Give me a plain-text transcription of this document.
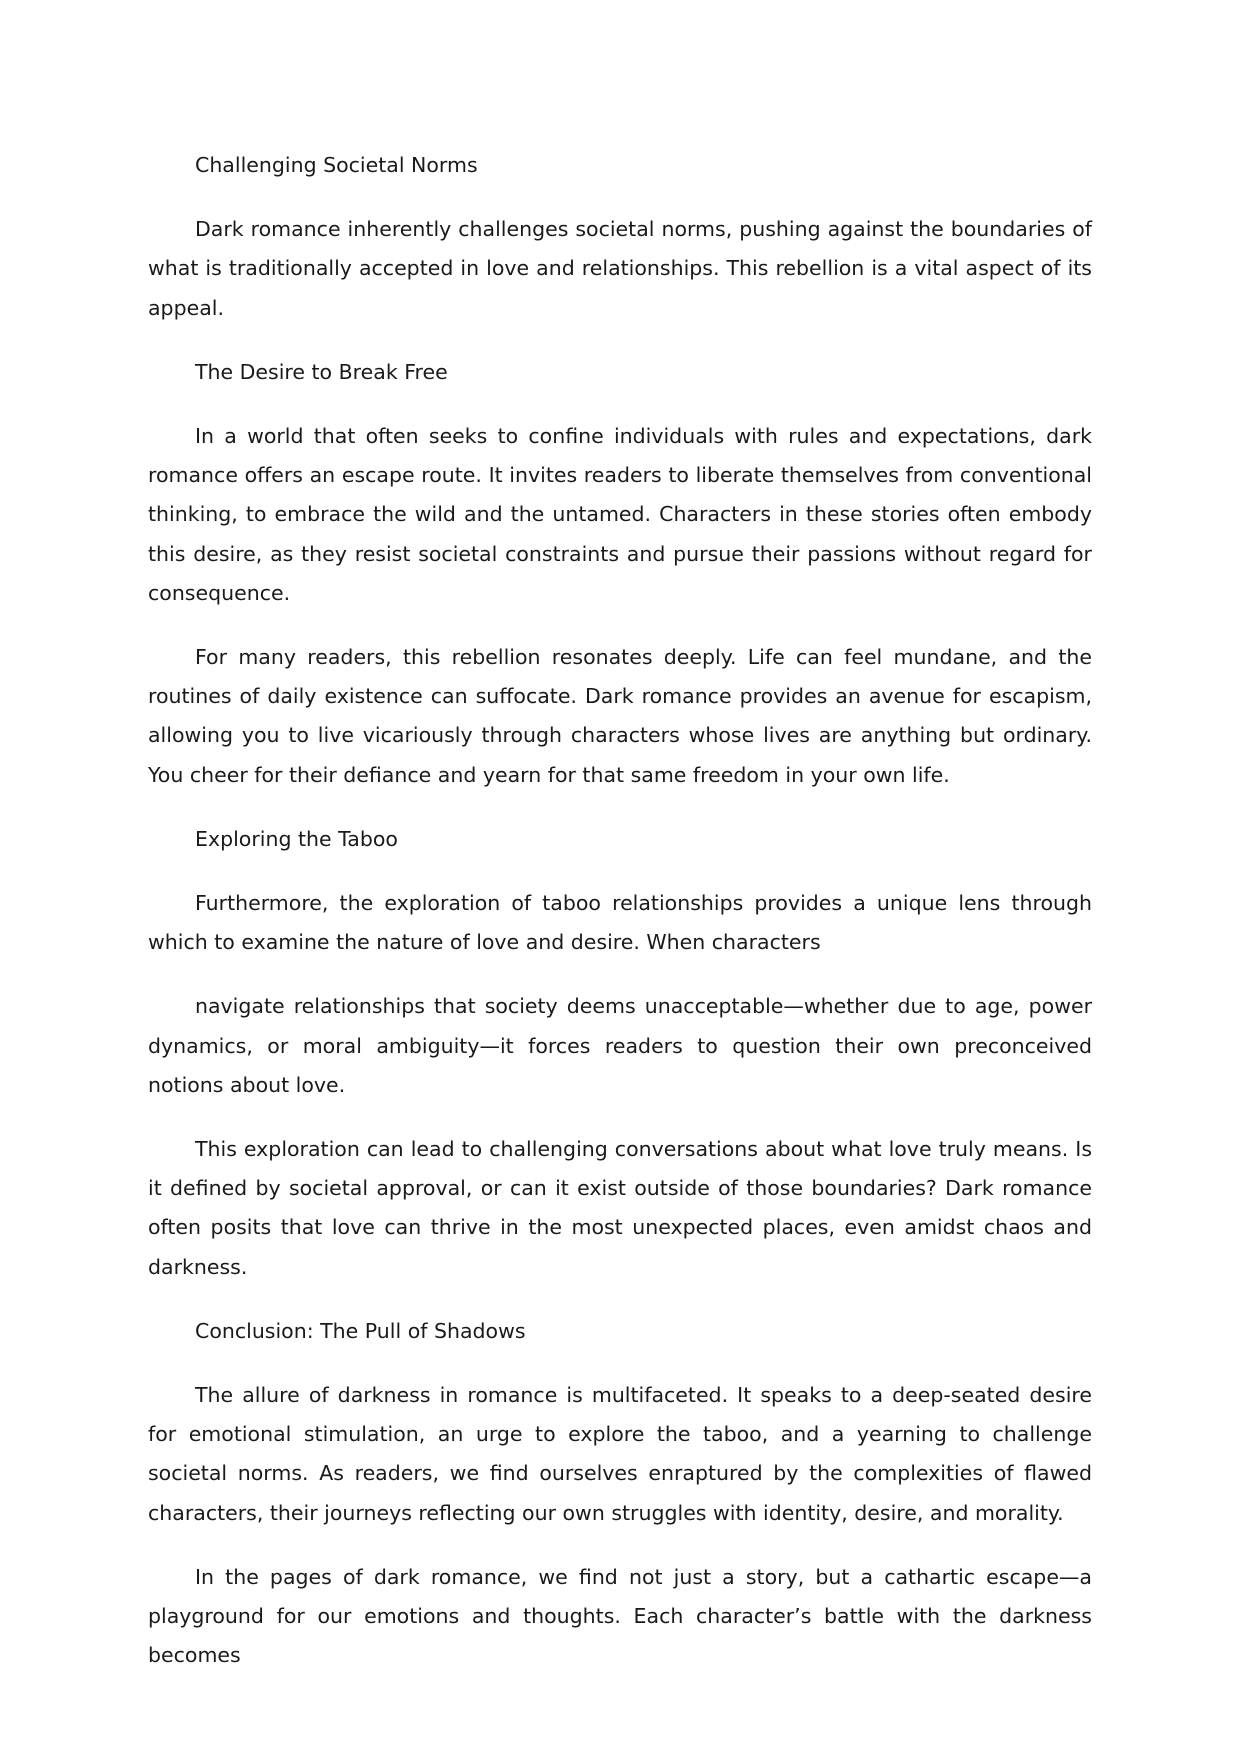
Challenging Societal Norms

Dark romance inherently challenges societal norms, pushing against the boundaries of what is traditionally accepted in love and relationships. This rebellion is a vital aspect of its appeal.

The Desire to Break Free

In a world that often seeks to confine individuals with rules and expectations, dark romance offers an escape route. It invites readers to liberate themselves from conventional thinking, to embrace the wild and the untamed. Characters in these stories often embody this desire, as they resist societal constraints and pursue their passions without regard for consequence.

For many readers, this rebellion resonates deeply. Life can feel mundane, and the routines of daily existence can suffocate. Dark romance provides an avenue for escapism, allowing you to live vicariously through characters whose lives are anything but ordinary. You cheer for their defiance and yearn for that same freedom in your own life.

Exploring the Taboo

Furthermore, the exploration of taboo relationships provides a unique lens through which to examine the nature of love and desire. When characters

navigate relationships that society deems unacceptable—whether due to age, power dynamics, or moral ambiguity—it forces readers to question their own preconceived notions about love.

This exploration can lead to challenging conversations about what love truly means. Is it defined by societal approval, or can it exist outside of those boundaries? Dark romance often posits that love can thrive in the most unexpected places, even amidst chaos and darkness.

Conclusion: The Pull of Shadows

The allure of darkness in romance is multifaceted. It speaks to a deep-seated desire for emotional stimulation, an urge to explore the taboo, and a yearning to challenge societal norms. As readers, we find ourselves enraptured by the complexities of flawed characters, their journeys reflecting our own struggles with identity, desire, and morality.

In the pages of dark romance, we find not just a story, but a cathartic escape—a playground for our emotions and thoughts. Each character’s battle with the darkness becomes
